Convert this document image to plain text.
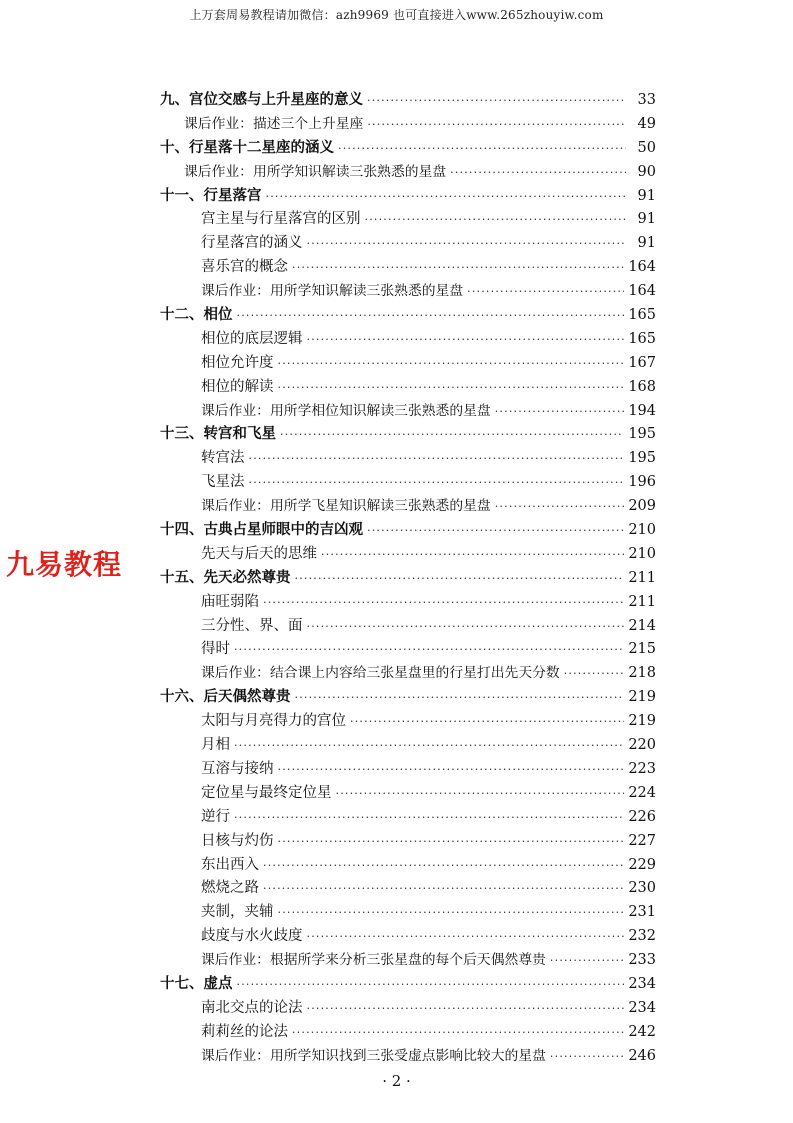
上万套周易教程请加微信：azh9969 也可直接进入www.265zhouyiw.com
九易教程
九、宫位交感与上升星座的意义 ·····	33
课后作业：描述三个上升星座 ·····	49
十、行星落十二星座的涵义 ·····	50
课后作业：用所学知识解读三张熟悉的星盘 ·····	90
十一、行星落宫 ·····	91
宫主星与行星落宫的区别 ·····	91
行星落宫的涵义 ·····	91
喜乐宫的概念 ·····	164
课后作业：用所学知识解读三张熟悉的星盘 ·····	164
十二、相位 ·····	165
相位的底层逻辑 ·····	165
相位允许度 ·····	167
相位的解读 ·····	168
课后作业：用所学相位知识解读三张熟悉的星盘 ·····	194
十三、转宫和飞星 ·····	195
转宫法 ·····	195
飞星法 ·····	196
课后作业：用所学飞星知识解读三张熟悉的星盘 ·····	209
十四、古典占星师眼中的吉凶观 ·····	210
先天与后天的思维 ·····	210
十五、先天必然尊贵 ·····	211
庙旺弱陷 ·····	211
三分性、界、面 ·····	214
得时 ·····	215
课后作业：结合课上内容给三张星盘里的行星打出先天分数 ·····	218
十六、后天偶然尊贵 ·····	219
太阳与月亮得力的宫位 ·····	219
月相 ·····	220
互溶与接纳 ·····	223
定位星与最终定位星 ·····	224
逆行 ·····	226
日核与灼伤 ·····	227
东出西入 ·····	229
燃烧之路 ·····	230
夹制，夹辅 ·····	231
歧度与水火歧度 ·····	232
课后作业：根据所学来分析三张星盘的每个后天偶然尊贵 ·····	233
十七、虚点 ·····	234
南北交点的论法 ·····	234
莉莉丝的论法 ·····	242
课后作业：用所学知识找到三张受虚点影响比较大的星盘 ·····	246
· 2 ·
